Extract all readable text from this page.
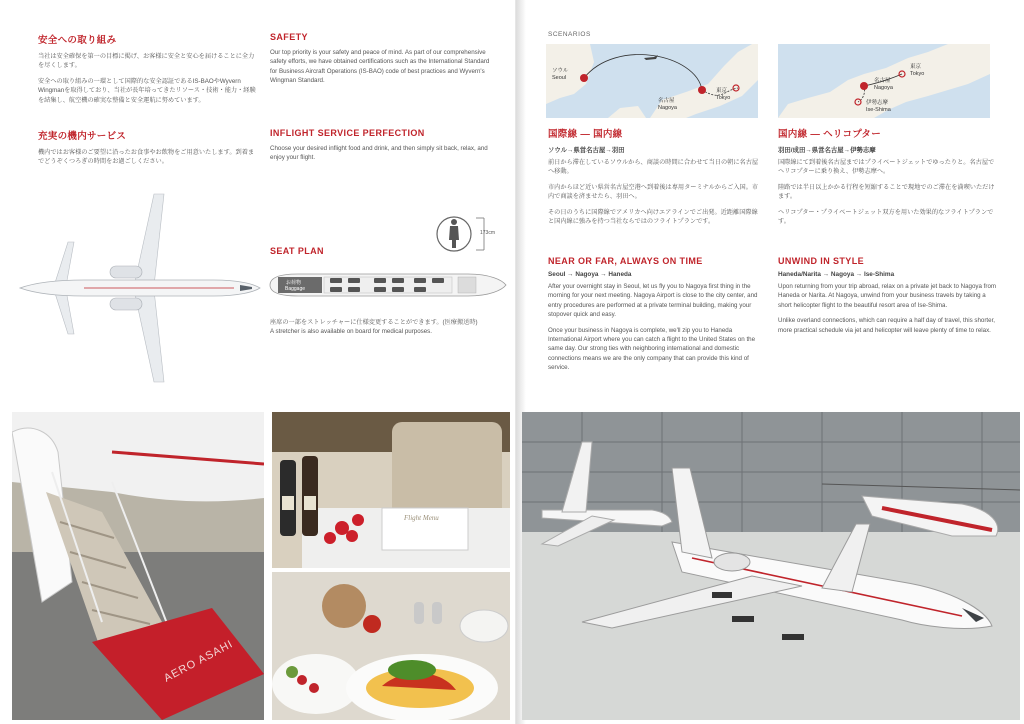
安全への取り組み
当社は安全確保を第一の目標に掲げ、お客様に安全と安心を届けることに全力を尽くします。
安全への取り組みの一環として国際的な安全認証であるIS-BAOやWyvern Wingmanを取得しており、当社が長年培ってきたリソース・技術・能力・経験を結集し、航空機の確実な整備と安全運航に努めています。
SAFETY
Our top priority is your safety and peace of mind. As part of our comprehensive safety efforts, we have obtained certifications such as the International Standard for Business Aircraft Operations (IS-BAO) code of best practices and Wyvern's Wingman Standard.
充実の機内サービス
機内ではお客様のご要望に沿ったお食事やお飲物をご用意いたします。到着までどうぞくつろぎの時間をお過ごしください。
INFLIGHT SERVICE PERFECTION
Choose your desired inflight food and drink, and then simply sit back, relax, and enjoy your flight.
SEAT PLAN
173cm
お荷物
Baggage
座席の一部をストレッチャーに仕様変更することができます。(医療搬送時)
A stretcher is also available on board for medical purposes.
AERO ASAHI
Flight Menu
SCENARIOS
ソウル
Seoul
名古屋
Nagoya
東京
Tokyo
東京
Tokyo
名古屋
Nagoya
伊勢志摩
Ise-Shima
国際線 — 国内線
ソウル→県営名古屋→羽田
前日から滞在しているソウルから、商談の時間に合わせて当日の朝に名古屋へ移動。
市内からほど近い県営名古屋空港へ到着後は専用ターミナルからご入国。市内で商談を済ませたら、羽田へ。
その日のうちに国際線でアメリカへ向けエアラインでご出発。近距離国際線と国内線に強みを持つ当社ならではのフライトプランです。
NEAR OR FAR, ALWAYS ON TIME
Seoul → Nagoya → Haneda
After your overnight stay in Seoul, let us fly you to Nagoya first thing in the morning for your next meeting. Nagoya Airport is close to the city center, and entry procedures are performed at a private terminal building, making your stopover quick and easy.
Once your business in Nagoya is complete, we'll zip you to Haneda International Airport where you can catch a flight to the United States on the same day. Our strong ties with neighboring international and domestic connections means we are the only company that can provide this kind of service.
国内線 — ヘリコプター
羽田/成田→県営名古屋→伊勢志摩
国際線にて到着後名古屋まではプライベートジェットでゆったりと。名古屋でヘリコプターに乗り換え、伊勢志摩へ。
陸路では半日以上かかる行程を短縮することで現地でのご滞在を満喫いただけます。
ヘリコプター・プライベートジェット双方を用いた効果的なフライトプランです。
UNWIND IN STYLE
Haneda/Narita → Nagoya → Ise-Shima
Upon returning from your trip abroad, relax on a private jet back to Nagoya from Haneda or Narita. At Nagoya, unwind from your business travels by taking a short helicopter flight to the beautiful resort area of Ise-Shima.
Unlike overland connections, which can require a half day of travel, this shorter, more practical schedule via jet and helicopter will leave plenty of time to relax.
